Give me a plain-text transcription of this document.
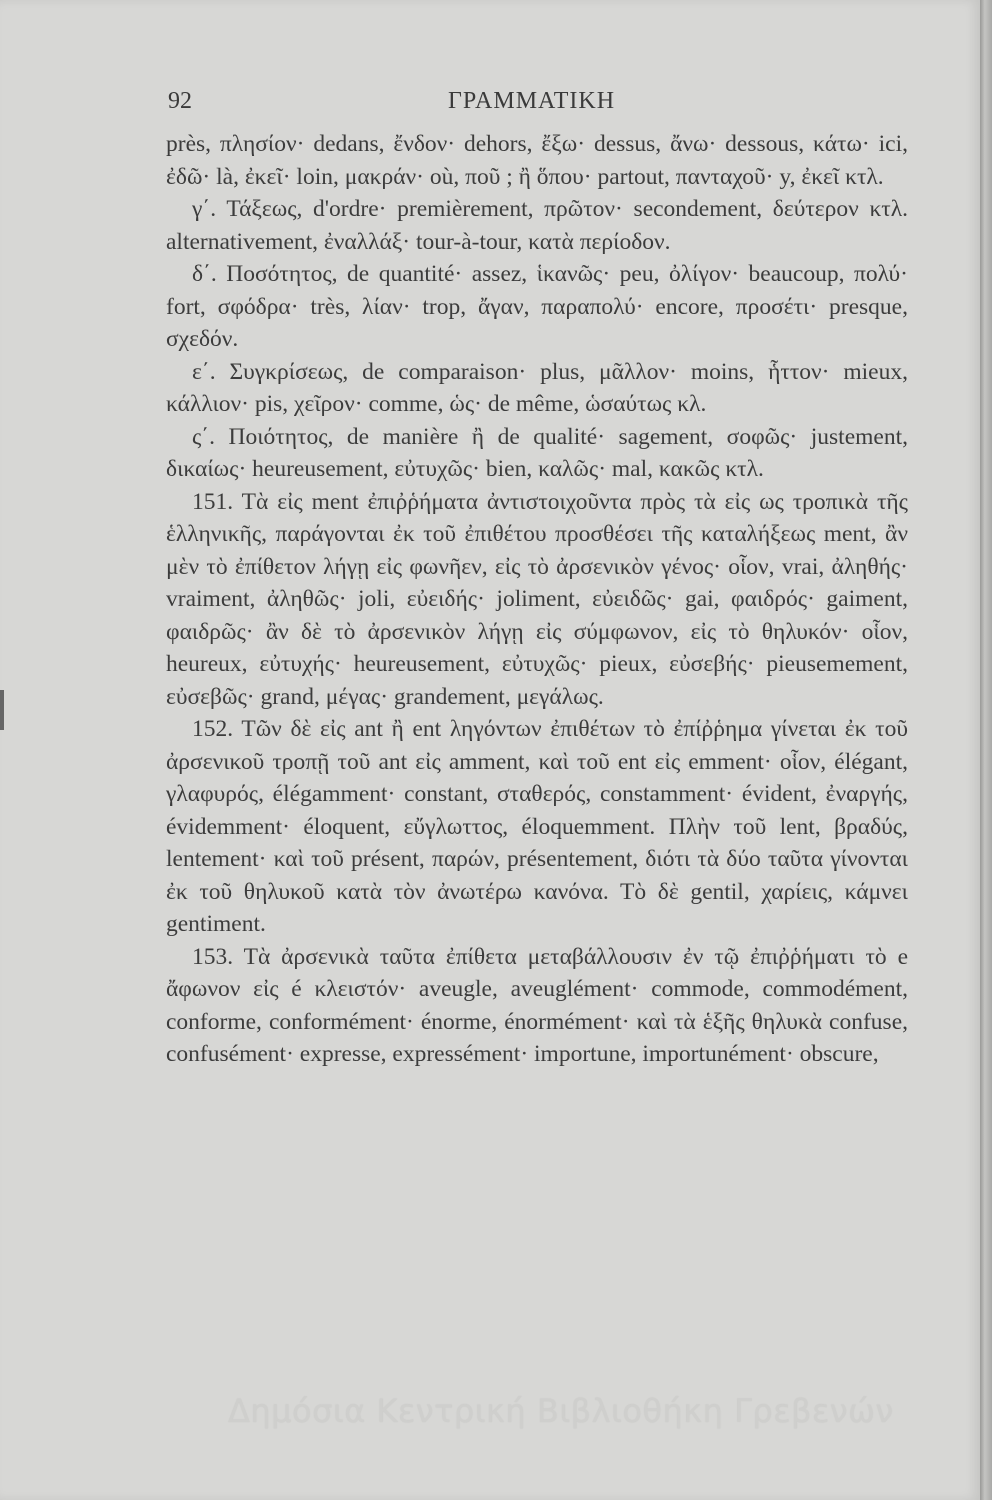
92	ΓΡΑΜΜΑΤΙΚΗ

près, πλησίον· dedans, ἔνδον· dehors, ἔξω· dessus, ἄνω· dessous, κάτω· ici, ἐδῶ· là, ἐκεῖ· loin, μακράν· où, ποῦ ; ἢ ὅπου· partout, πανταχοῦ· y, ἐκεῖ κτλ.

γ΄. Τάξεως, d'ordre· premièrement, πρῶτον· secondement, δεύτερον κτλ. alternativement, ἐναλλάξ· tour-à-tour, κατὰ περίοδον.

δ΄. Ποσότητος, de quantité· assez, ἱκανῶς· peu, ὀλίγον· beaucoup, πολύ· fort, σφόδρα· très, λίαν· trop, ἄγαν, παραπολύ· encore, προσέτι· presque, σχεδόν.

ε΄. Συγκρίσεως, de comparaison· plus, μᾶλλον· moins, ἧττον· mieux, κάλλιον· pis, χεῖρον· comme, ὡς· de même, ὡσαύτως κλ.

ς΄. Ποιότητος, de manière ἢ de qualité· sagement, σοφῶς· justement, δικαίως· heureusement, εὐτυχῶς· bien, καλῶς· mal, κακῶς κτλ.

151. Τὰ εἰς ment ἐπιῤῥήματα ἀντιστοιχοῦντα πρὸς τὰ εἰς ως τροπικὰ τῆς ἑλληνικῆς, παράγονται ἐκ τοῦ ἐπιθέτου προσθέσει τῆς καταλήξεως ment, ἂν μὲν τὸ ἐπίθετον λήγῃ εἰς φωνῆεν, εἰς τὸ ἀρσενικὸν γένος· οἷον, vrai, ἀληθής· vraiment, ἀληθῶς· joli, εὐειδής· joliment, εὐειδῶς· gai, φαιδρός· gaiment, φαιδρῶς· ἂν δὲ τὸ ἀρσενικὸν λήγῃ εἰς σύμφωνον, εἰς τὸ θηλυκόν· οἷον, heureux, εὐτυχής· heureusement, εὐτυχῶς· pieux, εὐσεβής· pieusemement, εὐσεβῶς· grand, μέγας· grandement, μεγάλως.

152. Τῶν δὲ εἰς ant ἢ ent ληγόντων ἐπιθέτων τὸ ἐπίῤῥημα γίνεται ἐκ τοῦ ἀρσενικοῦ τροπῇ τοῦ ant εἰς amment, καὶ τοῦ ent εἰς emment· οἷον, élégant, γλαφυρός, élégamment· constant, σταθερός, constamment· évident, ἐναργής, évidemment· éloquent, εὔγλωττος, éloquemment. Πλὴν τοῦ lent, βραδύς, lentement· καὶ τοῦ présent, παρών, présentement, διότι τὰ δύο ταῦτα γίνονται ἐκ τοῦ θηλυκοῦ κατὰ τὸν ἀνωτέρω κανόνα. Τὸ δὲ gentil, χαρίεις, κάμνει gentiment.

153. Τὰ ἀρσενικὰ ταῦτα ἐπίθετα μεταβάλλουσιν ἐν τῷ ἐπιῤῥήματι τὸ e ἄφωνον εἰς é κλειστόν· aveugle, aveuglément· commode, commodément, conforme, conformément· énorme, énormément· καὶ τὰ ἑξῆς θηλυκὰ confuse, confusément· expresse, expressément· importune, importunément· obscure,

Δημόσια Κεντρική Βιβλιοθήκη Γρεβενών
